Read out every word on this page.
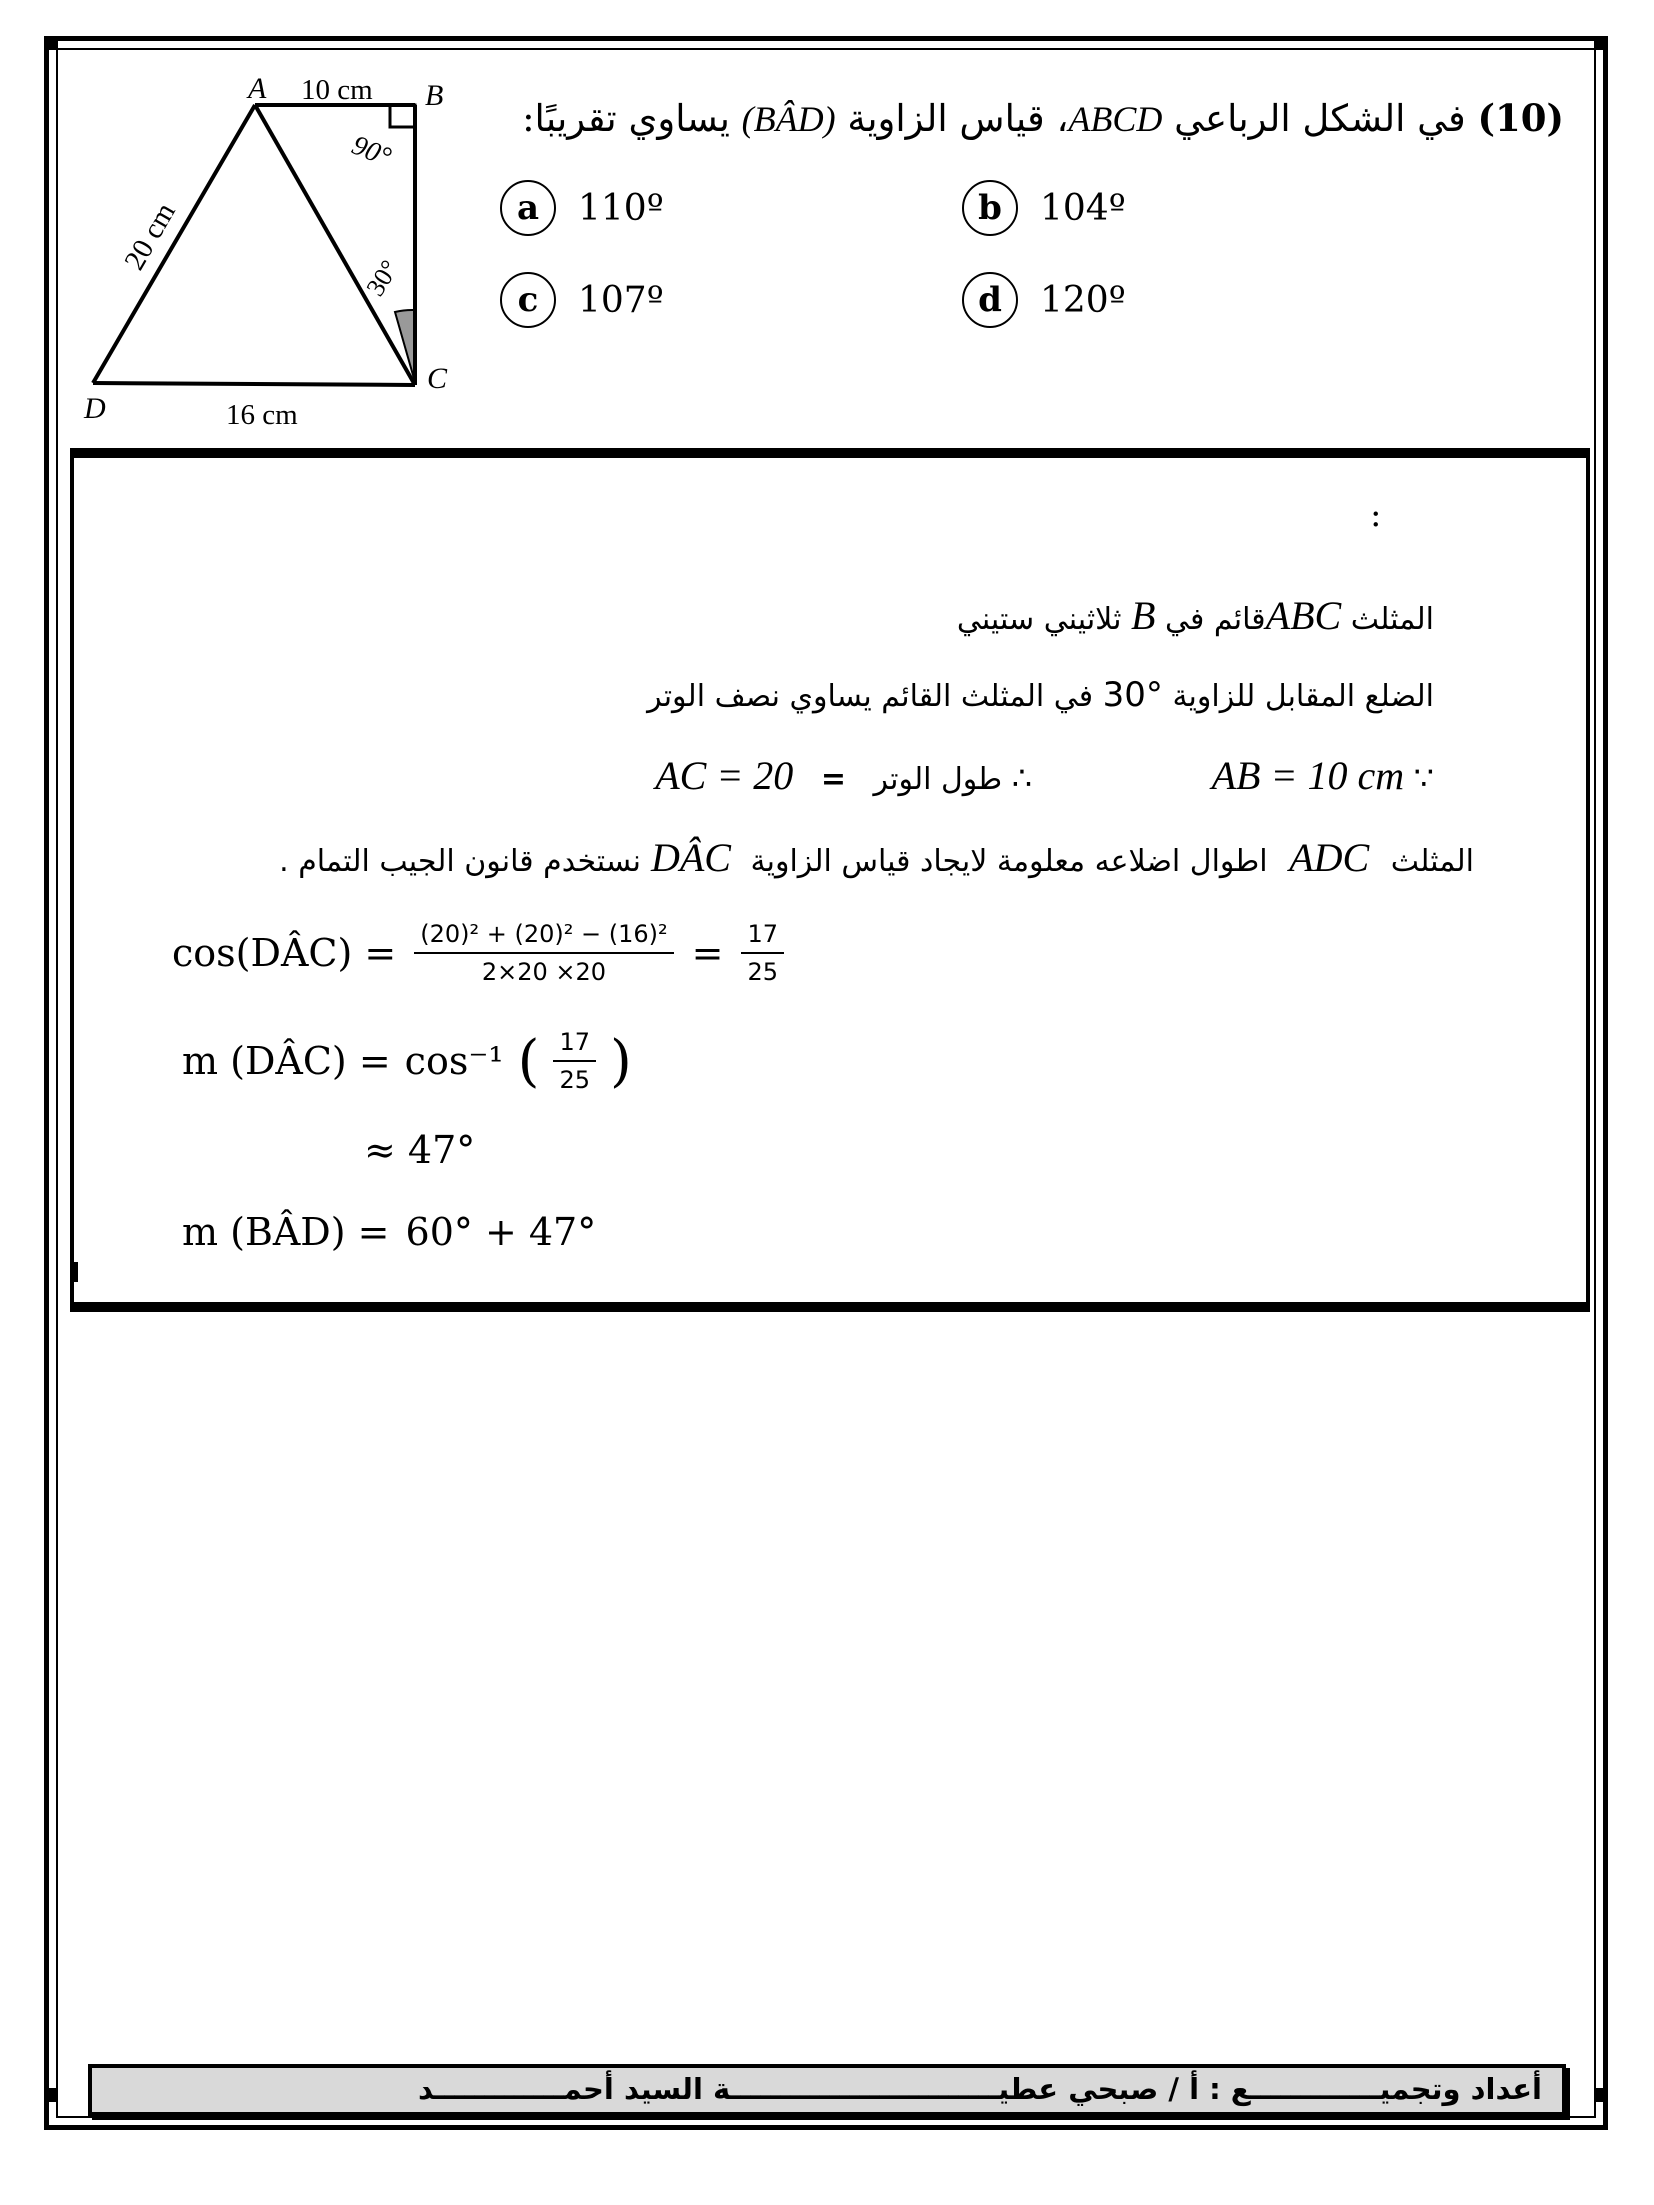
A	B
C
D
10 cm
20 cm
16 cm
90°
30°
(10) في الشكل الرباعي ABCD، قياس الزاوية (BÂD) يساوي تقريبًا:
a	110º	b	104º
c	107º	d	120º
:
المثلث ABCقائم في B ثلاثيني ستيني
الضلع المقابل للزاوية 30° في المثلث القائم يساوي نصف الوتر
∵ AB = 10 cm ∴ طول الوتر = AC = 20
المثلث ADC اطوال اضلاعه معلومة لايجاد قياس الزاوية DÂCنستخدم قانون الجيب التمام .
cos(DÂC) = $\frac{\text{(20)² + (20)² − (16)²}}{2\times 20 \times 20} = \frac{17}{25}$
m (DÂC) = cos⁻¹ ( $\frac{17}{25}$ )
≈ 47°
m (BÂD) = 60° + 47°
أعداد وتجميـــــــــــــع : أ / صبحي عطيـــــــــــــــــــــــــــة السيد أحمـــــــــــــد
